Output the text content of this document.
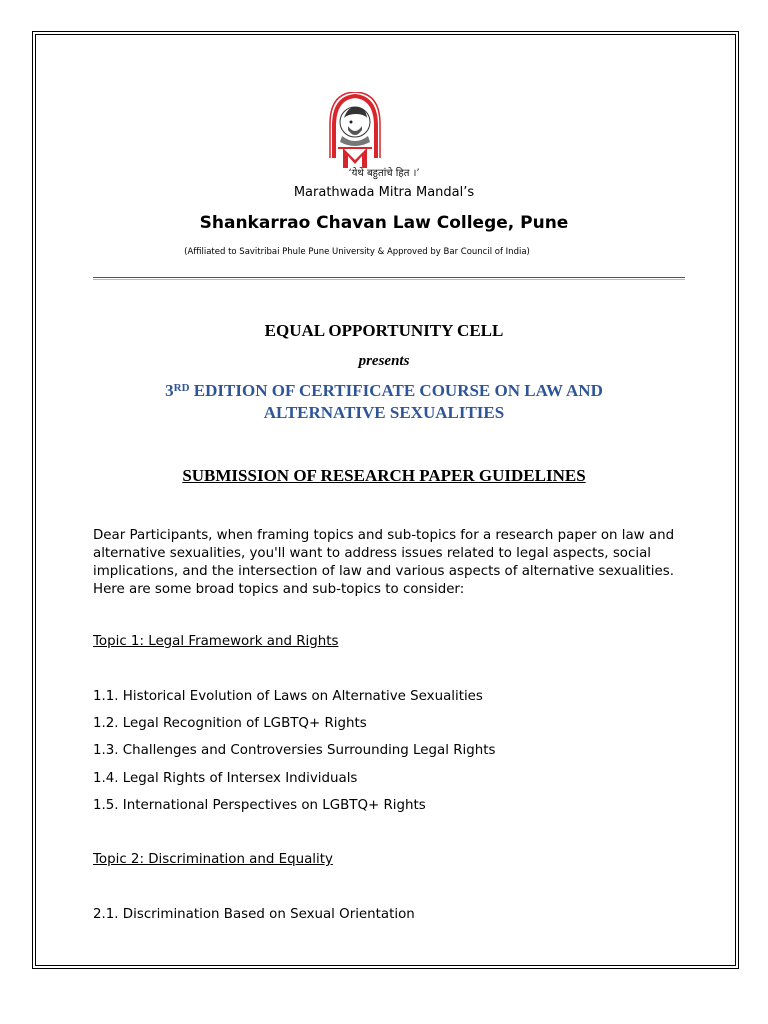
‘येथे बहुतांचे हित ।’
Marathwada Mitra Mandal’s
Shankarrao Chavan Law College, Pune
(Affiliated to Savitribai Phule Pune University & Approved by Bar Council of India)
EQUAL OPPORTUNITY CELL
presents
3RD EDITION OF CERTIFICATE COURSE ON LAW AND
ALTERNATIVE SEXUALITIES
SUBMISSION OF RESEARCH PAPER GUIDELINES
Dear Participants, when framing topics and sub-topics for a research paper on law and alternative sexualities, you'll want to address issues related to legal aspects, social implications, and the intersection of law and various aspects of alternative sexualities. Here are some broad topics and sub-topics to consider:
Topic 1: Legal Framework and Rights
1.1. Historical Evolution of Laws on Alternative Sexualities
1.2. Legal Recognition of LGBTQ+ Rights
1.3. Challenges and Controversies Surrounding Legal Rights
1.4. Legal Rights of Intersex Individuals
1.5. International Perspectives on LGBTQ+ Rights
Topic 2: Discrimination and Equality
2.1. Discrimination Based on Sexual Orientation
